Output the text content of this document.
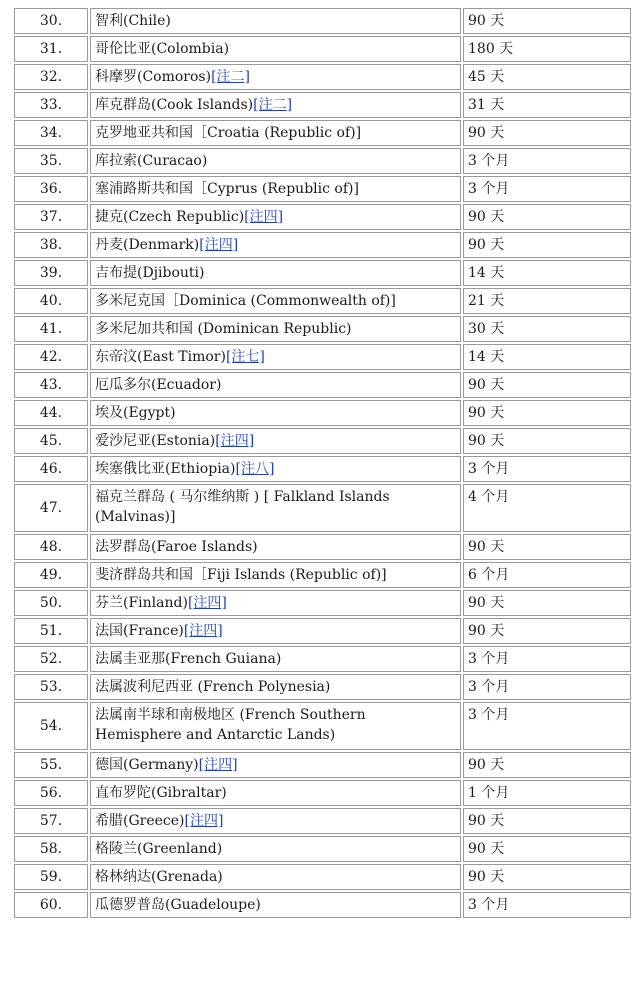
30.	智利(Chile)	90 天
31.	哥伦比亚(Colombia)	180 天
32.	科摩罗(Comoros)[注二]	45 天
33.	库克群岛(Cook Islands)[注二]	31 天
34.	克罗地亚共和国［Croatia (Republic of)]	90 天
35.	库拉索(Curacao)	3 个月
36.	塞浦路斯共和国［Cyprus (Republic of)]	3 个月
37.	捷克(Czech Republic)[注四]	90 天
38.	丹麦(Denmark)[注四]	90 天
39.	吉布提(Djibouti)	14 天
40.	多米尼克国［Dominica (Commonwealth of)]	21 天
41.	多米尼加共和国 (Dominican Republic)	30 天
42.	东帝汶(East Timor)[注七]	14 天
43.	厄瓜多尔(Ecuador)	90 天
44.	埃及(Egypt)	90 天
45.	爱沙尼亚(Estonia)[注四]	90 天
46.	埃塞俄比亚(Ethiopia)[注八]	3 个月
47.	福克兰群岛 ( 马尔维纳斯 ) [ Falkland Islands (Malvinas)]	4 个月
48.	法罗群岛(Faroe Islands)	90 天
49.	斐济群岛共和国［Fiji Islands (Republic of)]	6 个月
50.	芬兰(Finland)[注四]	90 天
51.	法国(France)[注四]	90 天
52.	法属圭亚那(French Guiana)	3 个月
53.	法属波利尼西亚 (French Polynesia)	3 个月
54.	法属南半球和南极地区 (French Southern Hemisphere and Antarctic Lands)	3 个月
55.	德国(Germany)[注四]	90 天
56.	直布罗陀(Gibraltar)	1 个月
57.	希腊(Greece)[注四]	90 天
58.	格陵兰(Greenland)	90 天
59.	格林纳达(Grenada)	90 天
60.	瓜德罗普岛(Guadeloupe)	3 个月
